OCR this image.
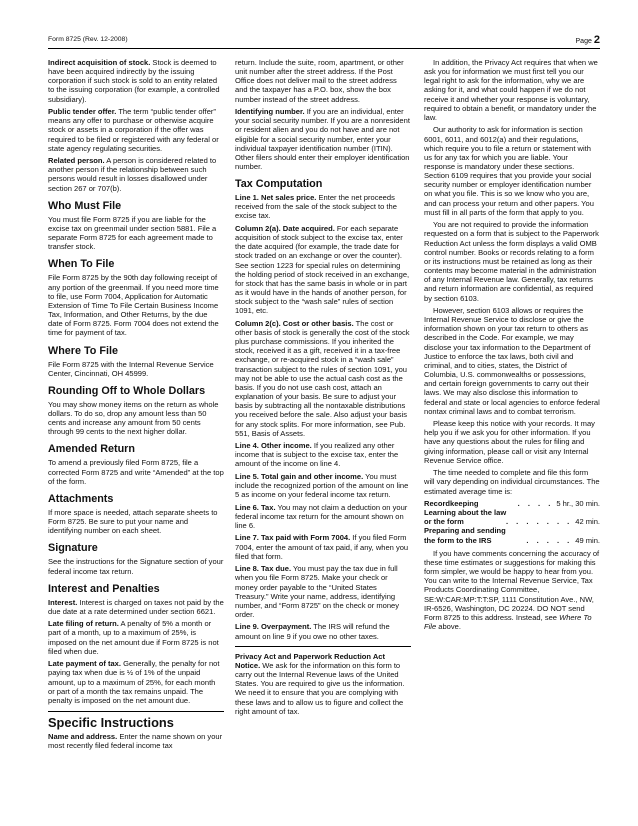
Form 8725 (Rev. 12-2008)	Page 2

Indirect acquisition of stock. Stock is deemed to have been acquired indirectly by the issuing corporation if such stock is sold to an entity related to the issuing corporation (for example, a controlled subsidiary).

Public tender offer. The term “public tender offer” means any offer to purchase or otherwise acquire stock or assets in a corporation if the offer was required to be filed or registered with any federal or state agency regulating securities.

Related person. A person is considered related to another person if the relationship between such persons would result in losses disallowed under section 267 or 707(b).

Who Must File

You must file Form 8725 if you are liable for the excise tax on greenmail under section 5881. File a separate Form 8725 for each agreement made to transfer stock.

When To File

File Form 8725 by the 90th day following receipt of any portion of the greenmail. If you need more time to file, use Form 7004, Application for Automatic Extension of Time To File Certain Business Income Tax, Information, and Other Returns, by the due date of Form 8725. Form 7004 does not extend the time for payment of tax.

Where To File

File Form 8725 with the Internal Revenue Service Center, Cincinnati, OH 45999.

Rounding Off to Whole Dollars

You may show money items on the return as whole dollars. To do so, drop any amount less than 50 cents and increase any amount from 50 cents through 99 cents to the next higher dollar.

Amended Return

To amend a previously filed Form 8725, file a corrected Form 8725 and write “Amended” at the top of the form.

Attachments

If more space is needed, attach separate sheets to Form 8725. Be sure to put your name and identifying number on each sheet.

Signature

See the instructions for the Signature section of your federal income tax return.

Interest and Penalties

Interest. Interest is charged on taxes not paid by the due date at a rate determined under section 6621.

Late filing of return. A penalty of 5% a month or part of a month, up to a maximum of 25%, is imposed on the net amount due if Form 8725 is not filed when due.

Late payment of tax. Generally, the penalty for not paying tax when due is ½ of 1% of the unpaid amount, up to a maximum of 25%, for each month or part of a month the tax remains unpaid. The penalty is imposed on the net amount due.

Specific Instructions

Name and address. Enter the name shown on your most recently filed federal income tax

return. Include the suite, room, apartment, or other unit number after the street address. If the Post Office does not deliver mail to the street address and the taxpayer has a P.O. box, show the box number instead of the street address.

Identifying number. If you are an individual, enter your social security number. If you are a nonresident or resident alien and you do not have and are not eligible for a social security number, enter your individual taxpayer identification number (ITIN). Other filers should enter their employer identification number.

Tax Computation

Line 1. Net sales price. Enter the net proceeds received from the sale of the stock subject to the excise tax.

Column 2(a). Date acquired. For each separate acquisition of stock subject to the excise tax, enter the date acquired (for example, the trade date for stock traded on an exchange or over the counter). See section 1223 for special rules on determining the holding period of stock received in an exchange, for stock that has the same basis in whole or in part as it would have in the hands of another person, for stock subject to the “wash sale” rules of section 1091, etc.

Column 2(c). Cost or other basis. The cost or other basis of stock is generally the cost of the stock plus purchase commissions. If you inherited the stock, received it as a gift, received it in a tax-free exchange, or re-acquired stock in a “wash sale” transaction subject to the rules of section 1091, you may not be able to use the actual cash cost as the basis. If you do not use cash cost, attach an explanation of your basis. Be sure to adjust your basis by subtracting all the nontaxable distributions you received before the sale. Also adjust your basis for any stock splits. For more information, see Pub. 551, Basis of Assets.

Line 4. Other income. If you realized any other income that is subject to the excise tax, enter the amount of the income on line 4.

Line 5. Total gain and other income. You must include the recognized portion of the amount on line 5 as income on your federal income tax return.

Line 6. Tax. You may not claim a deduction on your federal income tax return for the amount shown on line 6.

Line 7. Tax paid with Form 7004. If you filed Form 7004, enter the amount of tax paid, if any, when you filed that form.

Line 8. Tax due. You must pay the tax due in full when you file Form 8725. Make your check or money order payable to the “United States Treasury.” Write your name, address, identifying number, and “Form 8725” on the check or money order.

Line 9. Overpayment. The IRS will refund the amount on line 9 if you owe no other taxes.

Privacy Act and Paperwork Reduction Act Notice. We ask for the information on this form to carry out the Internal Revenue laws of the United States. You are required to give us the information. We need it to ensure that you are complying with these laws and to allow us to figure and collect the right amount of tax.

In addition, the Privacy Act requires that when we ask you for information we must first tell you our legal right to ask for the information, why we are asking for it, and what could happen if we do not receive it and whether your response is voluntary, required to obtain a benefit, or mandatory under the law.

Our authority to ask for information is section 6001, 6011, and 6012(a) and their regulations, which require you to file a return or statement with us for any tax for which you are liable. Your response is mandatory under these sections. Section 6109 requires that you provide your social security number or employer identification number on what you file. This is so we know who you are, and can process your return and other papers. You must fill in all parts of the form that apply to you.

You are not required to provide the information requested on a form that is subject to the Paperwork Reduction Act unless the form displays a valid OMB control number. Books or records relating to a form or its instructions must be retained as long as their contents may become material in the administration of any Internal Revenue law. Generally, tax returns and return information are confidential, as required by section 6103.

However, section 6103 allows or requires the Internal Revenue Service to disclose or give the information shown on your tax return to others as described in the Code. For example, we may disclose your tax information to the Department of Justice to enforce the tax laws, both civil and criminal, and to cities, states, the District of Columbia, U.S. commonwealths or possessions, and certain foreign governments to carry out their laws. We may also disclose this information to federal and state or local agencies to enforce federal nontax criminal laws and to combat terrorism.

Please keep this notice with your records. It may help you if we ask you for other information. If you have any questions about the rules for filing and giving information, please call or visit any Internal Revenue Service office.

The time needed to complete and file this form will vary depending on individual circumstances. The estimated average time is:

Recordkeeping	. . . . 5 hr., 30 min.
Learning about the law
or the form	. . . . . . . 42 min.
Preparing and sending
the form to the IRS	. . . . . 49 min.

If you have comments concerning the accuracy of these time estimates or suggestions for making this form simpler, we would be happy to hear from you. You can write to the Internal Revenue Service, Tax Products Coordinating Committee, SE:W:CAR:MP:T:T:SP, 1111 Constitution Ave., NW, IR-6526, Washington, DC 20224. DO NOT send Form 8725 to this address. Instead, see Where To File above.
